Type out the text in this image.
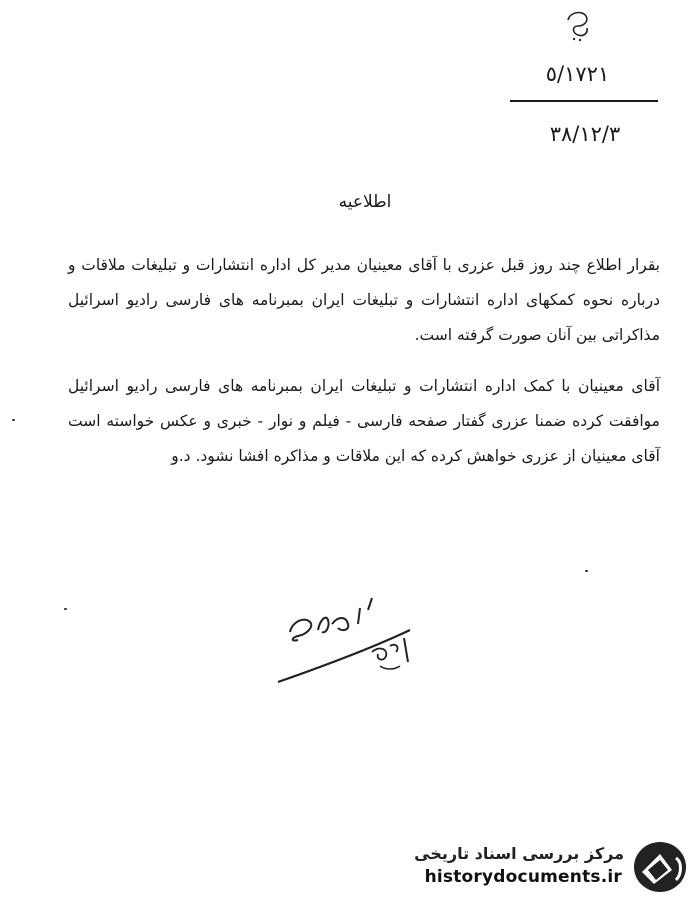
٥/١٧٢١
٣٨/١٢/٣
اطلاعیه

بقرار اطلاع چند روز قبل عزری با آقای معینیان مدیر کل اداره انتشارات و تبلیغات ملاقات و درباره نحوه کمکهای اداره انتشارات و تبلیغات ایران بمبرنامه های فارسی رادیو اسرائیل مذاکراتی بین آنان صورت گرفته است.

آقای معینیان با کمک اداره انتشارات و تبلیغات ایران بمبرنامه های فارسی رادیو اسرائیل موافقت کرده ضمنا عزری گفتار صفحه فارسی - فیلم و نوار - خبری و عکس خواسته است آقای معینیان از عزری خواهش کرده که این ملاقات و مذاکره افشا نشود. د.و

مرکز بررسی اسناد تاریخی
historydocuments.ir
